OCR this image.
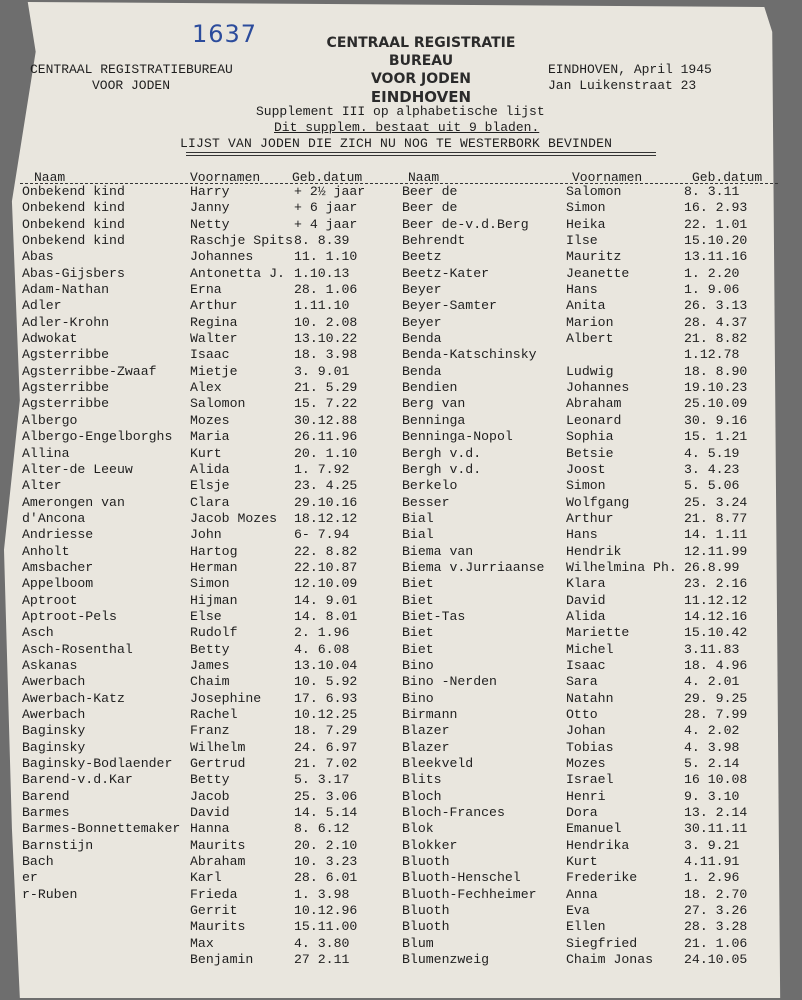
1637	CENTRAAL REGISTRATIE BUREAU
VOOR JODEN
EINDHOVEN
CENTRAAL REGISTRATIEBUREAU
VOOR JODEN
EINDHOVEN, April 1945
Jan Luikenstraat 23
Supplement III op alphabetische lijst
Dit supplem. bestaat uit 9 bladen.
LIJST VAN JODEN DIE ZICH NU NOG TE WESTERBORK BEVINDEN
Naam	Voornamen Geb.datum	Naam	Voornamen	Geb.datum
Onbekend kind	Harry	+ 2½ jaar
Onbekend kind	Janny	+ 6 jaar
Onbekend kind	Netty	+ 4 jaar
Onbekend kind	Raschje Spits 8. 8.39
Abas	Johannes	11. 1.10
Abas-Gijsbers	Antonetta J. 1.10.13
Adam-Nathan	Erna	28. 1.06
Adler	Arthur	1.11.10
Adler-Krohn	Regina	10. 2.08
Adwokat	Walter	13.10.22
Agsterribbe	Isaac	18. 3.98
Agsterribbe-Zwaaf	Mietje	3. 9.01
Agsterribbe	Alex	21. 5.29
Agsterribbe	Salomon	15. 7.22
Albergo	Mozes	30.12.88
Albergo-Engelborghs Maria	26.11.96
Allina	Kurt	20. 1.10
Alter-de Leeuw	Alida	1. 7.92
Alter	Elsje	23. 4.25
Amerongen van	Clara	29.10.16
d'Ancona	Jacob Mozes 18.12.12
Andriesse	John	6- 7.94
Anholt	Hartog	22. 8.82
Amsbacher	Herman	22.10.87
Appelboom	Simon	12.10.09
Aptroot	Hijman	14. 9.01
Aptroot-Pels	Else	14. 8.01
Asch	Rudolf	2. 1.96
Asch-Rosenthal	Betty	4. 6.08
Askanas	James	13.10.04
Awerbach	Chaim	10. 5.92
Awerbach-Katz	Josephine 17. 6.93
Awerbach	Rachel	10.12.25
Baginsky	Franz	18. 7.29
Baginsky	Wilhelm	24. 6.97
Baginsky-Bodlaender Gertrud	21. 7.02
Barend-v.d.Kar	Betty	5. 3.17
Barend	Jacob	25. 3.06
Barmes	David	14. 5.14
Barmes-Bonnettemaker Hanna	8. 6.12
Barnstijn	Maurits	20. 2.10
Bach	Abraham	10. 3.23
er	Karl	28. 6.01
r-Ruben	Frieda	1. 3.98
Gerrit	10.12.96
Maurits	15.11.00
Max	4. 3.80
Benjamin	27 2.11
Beer de	Salomon	8. 3.11
Beer de	Simon	16. 2.93
Beer de-v.d.Berg	Heika	22. 1.01
Behrendt	Ilse	15.10.20
Beetz	Mauritz	13.11.16
Beetz-Kater	Jeanette	1. 2.20
Beyer	Hans	1. 9.06
Beyer-Samter	Anita	26. 3.13
Beyer	Marion	28. 4.37
Benda	Albert	21. 8.82
Benda-Katschinsky	1.12.78
Benda	Ludwig	18. 8.90
Bendien	Johannes	19.10.23
Berg van	Abraham	25.10.09
Benninga	Leonard	30. 9.16
Benninga-Nopol	Sophia	15. 1.21
Bergh v.d.	Betsie	4. 5.19
Bergh v.d.	Joost	3. 4.23
Berkelo	Simon	5. 5.06
Besser	Wolfgang	25. 3.24
Bial	Arthur	21. 8.77
Bial	Hans	14. 1.11
Biema van	Hendrik	12.11.99
Biema v.Jurriaanse Wilhelmina Ph. 26.8.99
Biet	Klara	23. 2.16
Biet	David	11.12.12
Biet-Tas	Alida	14.12.16
Biet	Mariette	15.10.42
Biet	Michel	3.11.83
Bino	Isaac	18. 4.96
Bino -Nerden	Sara	4. 2.01
Bino	Natahn	29. 9.25
Birmann	Otto	28. 7.99
Blazer	Johan	4. 2.02
Blazer	Tobias	4. 3.98
Bleekveld	Mozes	5. 2.14
Blits	Israel	16 10.08
Bloch	Henri	9. 3.10
Bloch-Frances	Dora	13. 2.14
Blok	Emanuel	30.11.11
Blokker	Hendrika	3. 9.21
Bluoth	Kurt	4.11.91
Bluoth-Henschel	Frederike	1. 2.96
Bluoth-Fechheimer Anna	18. 2.70
Bluoth	Eva	27. 3.26
Bluoth	Ellen	28. 3.28
Blum	Siegfried	21. 1.06
Blumenzweig	Chaim Jonas 24.10.05
